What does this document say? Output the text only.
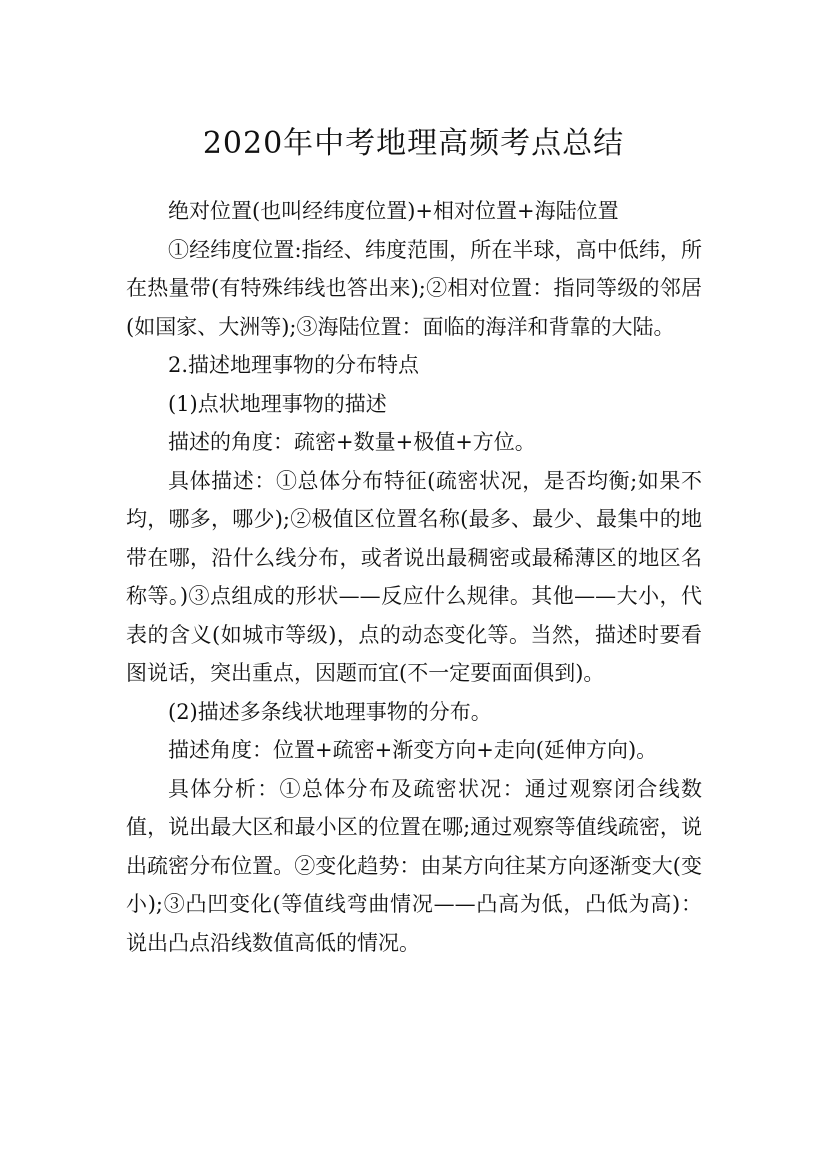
2020年中考地理高频考点总结

绝对位置(也叫经纬度位置)+相对位置+海陆位置

①经纬度位置:指经、纬度范围，所在半球，高中低纬，所在热量带(有特殊纬线也答出来);②相对位置：指同等级的邻居(如国家、大洲等);③海陆位置：面临的海洋和背靠的大陆。

2.描述地理事物的分布特点

(1)点状地理事物的描述

描述的角度：疏密+数量+极值+方位。

具体描述：①总体分布特征(疏密状况，是否均衡;如果不均，哪多，哪少);②极值区位置名称(最多、最少、最集中的地带在哪，沿什么线分布，或者说出最稠密或最稀薄区的地区名称等。)③点组成的形状——反应什么规律。其他——大小，代表的含义(如城市等级)，点的动态变化等。当然，描述时要看图说话，突出重点，因题而宜(不一定要面面俱到)。

(2)描述多条线状地理事物的分布。

描述角度：位置+疏密+渐变方向+走向(延伸方向)。

具体分析：①总体分布及疏密状况：通过观察闭合线数值，说出最大区和最小区的位置在哪;通过观察等值线疏密，说出疏密分布位置。②变化趋势：由某方向往某方向逐渐变大(变小);③凸凹变化(等值线弯曲情况——凸高为低，凸低为高)：说出凸点沿线数值高低的情况。
